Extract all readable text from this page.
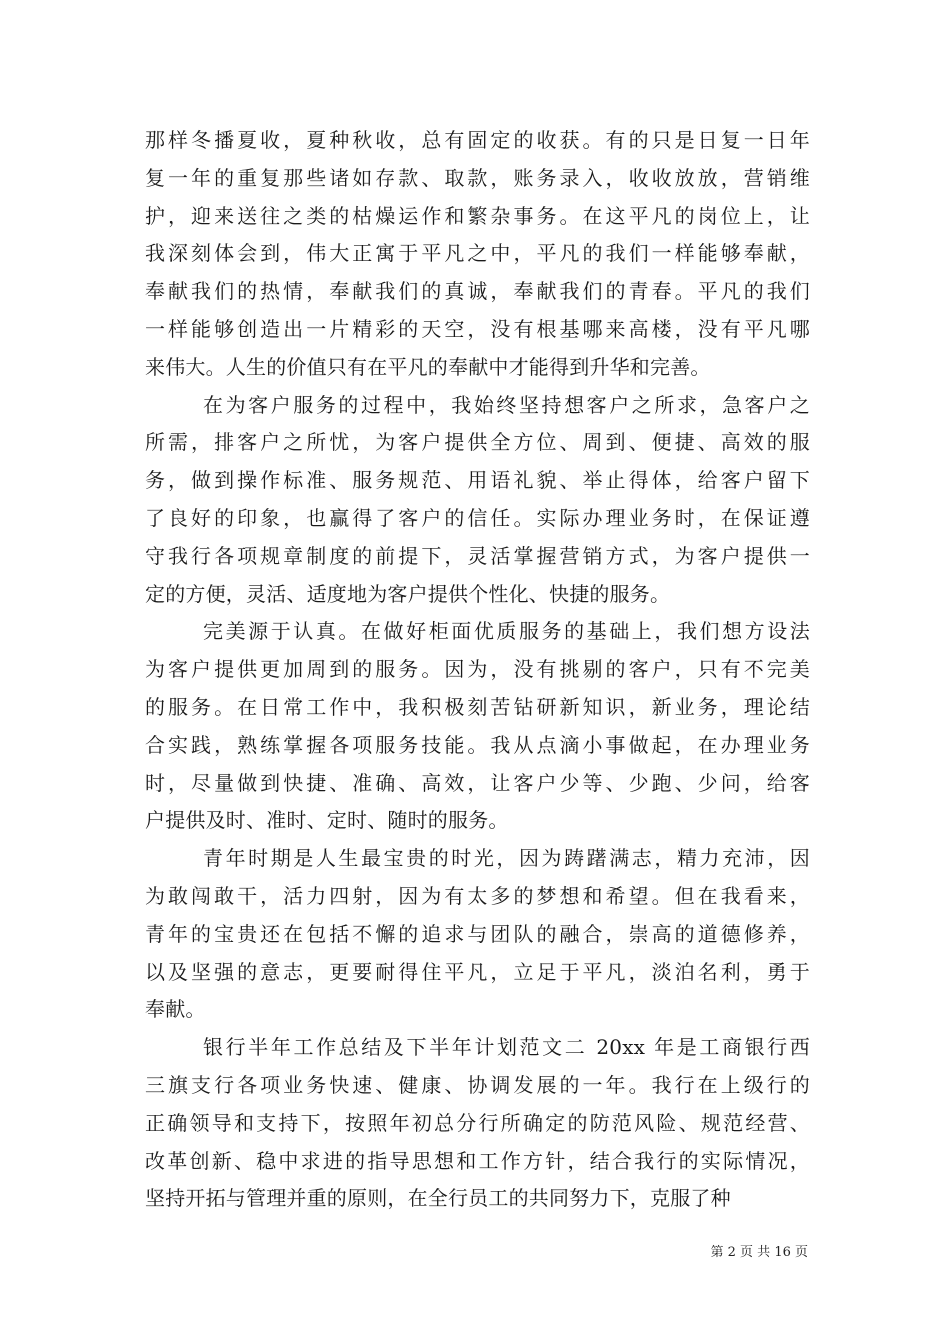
那样冬播夏收，夏种秋收，总有固定的收获。有的只是日复一日年
复一年的重复那些诸如存款、取款，账务录入，收收放放，营销维
护，迎来送往之类的枯燥运作和繁杂事务。在这平凡的岗位上，让
我深刻体会到，伟大正寓于平凡之中，平凡的我们一样能够奉献，
奉献我们的热情，奉献我们的真诚，奉献我们的青春。平凡的我们
一样能够创造出一片精彩的天空，没有根基哪来高楼，没有平凡哪
来伟大。人生的价值只有在平凡的奉献中才能得到升华和完善。
在为客户服务的过程中，我始终坚持想客户之所求，急客户之
所需，排客户之所忧，为客户提供全方位、周到、便捷、高效的服
务，做到操作标准、服务规范、用语礼貌、举止得体，给客户留下
了良好的印象，也赢得了客户的信任。实际办理业务时，在保证遵
守我行各项规章制度的前提下，灵活掌握营销方式，为客户提供一
定的方便，灵活、适度地为客户提供个性化、快捷的服务。
完美源于认真。在做好柜面优质服务的基础上，我们想方设法
为客户提供更加周到的服务。因为，没有挑剔的客户，只有不完美
的服务。在日常工作中，我积极刻苦钻研新知识，新业务，理论结
合实践，熟练掌握各项服务技能。我从点滴小事做起，在办理业务
时，尽量做到快捷、准确、高效，让客户少等、少跑、少问，给客
户提供及时、准时、定时、随时的服务。
青年时期是人生最宝贵的时光，因为踌躇满志，精力充沛，因
为敢闯敢干，活力四射，因为有太多的梦想和希望。但在我看来，
青年的宝贵还在包括不懈的追求与团队的融合，崇高的道德修养，
以及坚强的意志，更要耐得住平凡，立足于平凡，淡泊名利，勇于
奉献。
银行半年工作总结及下半年计划范文二 20xx 年是工商银行西
三旗支行各项业务快速、健康、协调发展的一年。我行在上级行的
正确领导和支持下，按照年初总分行所确定的防范风险、规范经营、
改革创新、稳中求进的指导思想和工作方针，结合我行的实际情况，
坚持开拓与管理并重的原则，在全行员工的共同努力下，克服了种
第 2 页 共 16 页
